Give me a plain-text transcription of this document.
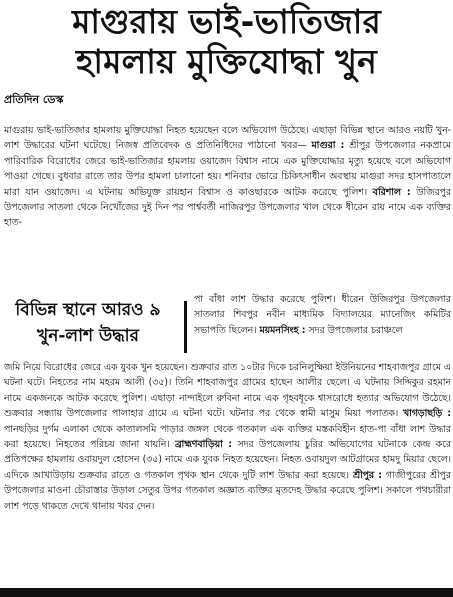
মাগুরায় ভাই-ভাতিজার
হামলায় মুক্তিযোদ্ধা খুন
প্রতিদিন ডেস্ক
মাগুরায় ভাই-ভাতিজার হামলায় মুক্তিযোদ্ধা নিহত হয়েছেন বলে অভিযোগ উঠেছে। এছাড়া বিভিন্ন স্থানে আরও নয়টি খুন-লাশ উদ্ধারের ঘটনা ঘটেছে। নিজস্ব প্রতিবেদক ও প্রতিনিধিদের পাঠানো খবর— মাগুরা : শ্রীপুর উপজেলার নকপ্রামে পারিবারিক বিরোধের জেরে ভাই-ভাতিজার হামলায় ওয়াজেদ বিশ্বাস নামে এক মুক্তিযোদ্ধার মৃত্যু হয়েছে বলে অভিযোগ পাওয়া গেছে। বুধবার রাতে তার উপর হামলা চালানো হয়। শনিবার ভোরে চিকিৎসাধীন অবস্থায় মাগুরা সদর হাসপাতালে মারা যান ওয়াজেদ। এ ঘটনায় অভিযুক্ত রায়হান বিশ্বাস ও কাওছারকে আটক করেছে পুলিশ। বরিশাল : উজিরপুর উপজেলার সাতলা থেকে নিখোঁজের দুই দিন পর পার্শ্ববর্তী নাজিরপুর উপজেলার খাল থেকে ধীরেন রায় নামে এক ব্যক্তির হাত-
বিভিন্ন স্থানে আরও ৯
খুন-লাশ উদ্ধার
পা বাঁধা লাশ উদ্ধার করেছে পুলিশ। ধীরেন উজিরপুর উপজেলার সাতলার শিবপুর নবীন মাধ্যমিক বিদ্যালয়ের ম্যানেজিং কমিটির সভাপতি ছিলেন। ময়মনসিংহ : সদর উপজেলার চরাঞ্চলে
জমি নিয়ে বিরোধের জেরে এক যুবক খুন হয়েছেন। শুক্রবার রাত ১০টার দিকে চরনিলুক্ষিয়া ইউনিয়নের শাহবাজপুর গ্রামে এ ঘটনা ঘটে। নিহতের নাম মহরম আলী (৩৫)। তিনি শাহবাজপুর গ্রামের হাছেন আলীর ছেলে। এ ঘটনায় সিদ্দিকুর রহমান নামে একজনকে আটক করেছে পুলিশ। এছাড়া নান্দাইলে রুবিনা নামে এক গৃহবধূকে শ্বাসরোধে হত্যার অভিযোগ উঠেছে। শুক্রবার সন্ধ্যায় উপজেলার পালাহার গ্রামে এ ঘটনা ঘটে। ঘটনার পর থেকে স্বামী মাসুম মিয়া পলাতক। খাগড়াছড়ি : পানছড়ির দুর্গম এলাকা থেকে কাতালসমি পাড়ার জঙ্গল থেকে গতকাল এক ব্যক্তির মস্তকবিহীন হাত-পা বাঁধা লাশ উদ্ধার করা হয়েছে। নিহতের পরিচয় জানা যায়নি। ব্রাহ্মণবাড়িয়া : সদর উপজেলায় চুরির অভিযোগের ঘটনাকে কেন্দ্র করে প্রতিপক্ষের হামলায় ওবায়দুল হোসেন (৩৫) নামে এক যুবক নিহত হয়েছেন। নিহত ওবায়দুল আটগ্রামের হামদু মিয়ার ছেলে। এদিকে আখাউড়ায় শুক্রবার রাতে ও গতকাল পৃথক স্থান থেকে দুটি লাশ উদ্ধার করা হয়েছে। শ্রীপুর : গাজীপুরের শ্রীপুর উপজেলার মাওনা চৌরাস্তার উড়াল সেতুর উপর গতকাল অজ্ঞাত ব্যক্তির মৃতদেহ উদ্ধার করেছে পুলিশ। সকালে পথচারীরা লাশ পড়ে থাকতে দেখে থানায় খবর দেন।
